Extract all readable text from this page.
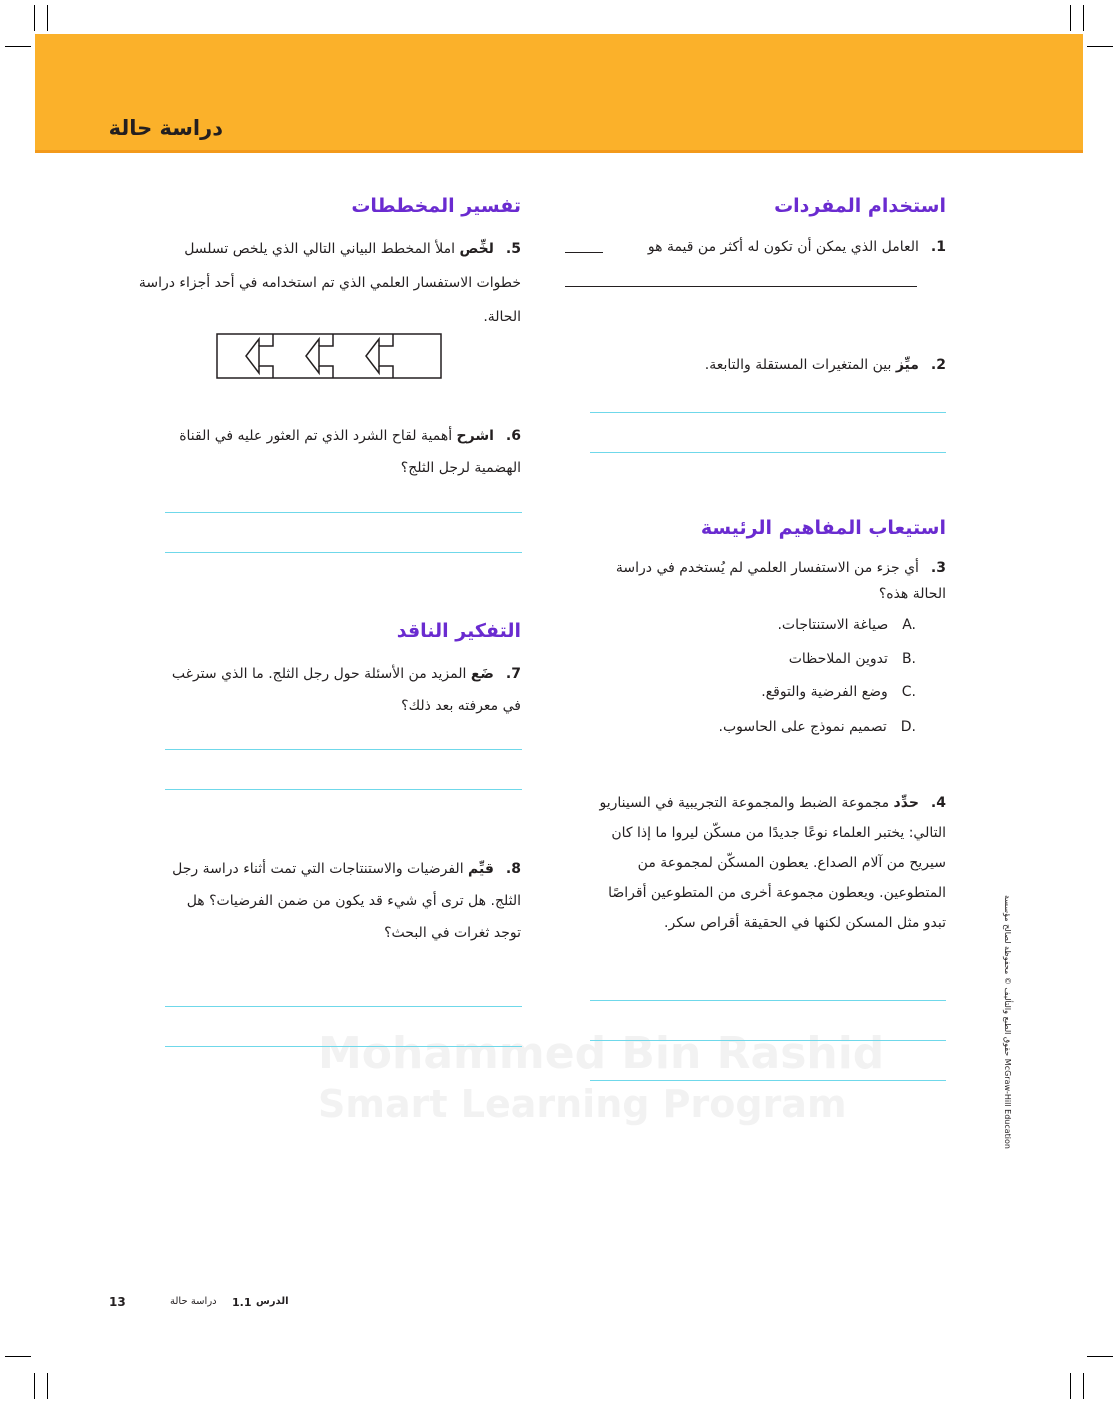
دراسة حالة
Mohammed Bin Rashid
Smart Learning Program
استخدام المفردات
1.العامل الذي يمكن أن تكون له أكثر من قيمة هو
2.ميِّز بين المتغيرات المستقلة والتابعة.
استيعاب المفاهيم الرئيسة
3.أي جزء من الاستفسار العلمي لم يُستخدم في دراسة الحالة هذه؟
A.صياغة الاستنتاجات.
B.تدوين الملاحظات
C.وضع الفرضية والتوقع.
D.تصميم نموذج على الحاسوب.
4.حدِّد مجموعة الضبط والمجموعة التجريبية في السيناريو التالي: يختبر العلماء نوعًا جديدًا من مسكّن ليروا ما إذا كان سيريح من آلام الصداع. يعطون المسكّن لمجموعة من المتطوعين. ويعطون مجموعة أخرى من المتطوعين أقراصًا تبدو مثل المسكن لكنها في الحقيقة أقراص سكر.
تفسير المخططات
5.لخِّص املأ المخطط البياني التالي الذي يلخص تسلسل خطوات الاستفسار العلمي الذي تم استخدامه في أحد أجزاء دراسة الحالة.
6.اشرح أهمية لقاح الشرد الذي تم العثور عليه في القناة الهضمية لرجل الثلج؟
التفكير الناقد
7.ضَع المزيد من الأسئلة حول رجل الثلج. ما الذي سترغب في معرفته بعد ذلك؟
8.قيِّم الفرضيات والاستنتاجات التي تمت أثناء دراسة رجل الثلج. هل ترى أي شيء قد يكون من ضمن الفرضيات؟ هل توجد ثغرات في البحث؟	حقوق الطبع والتأليف © محفوظة لصالح مؤسسة McGraw-Hill Education
13	دراسة حالة 1.1 الدرس
